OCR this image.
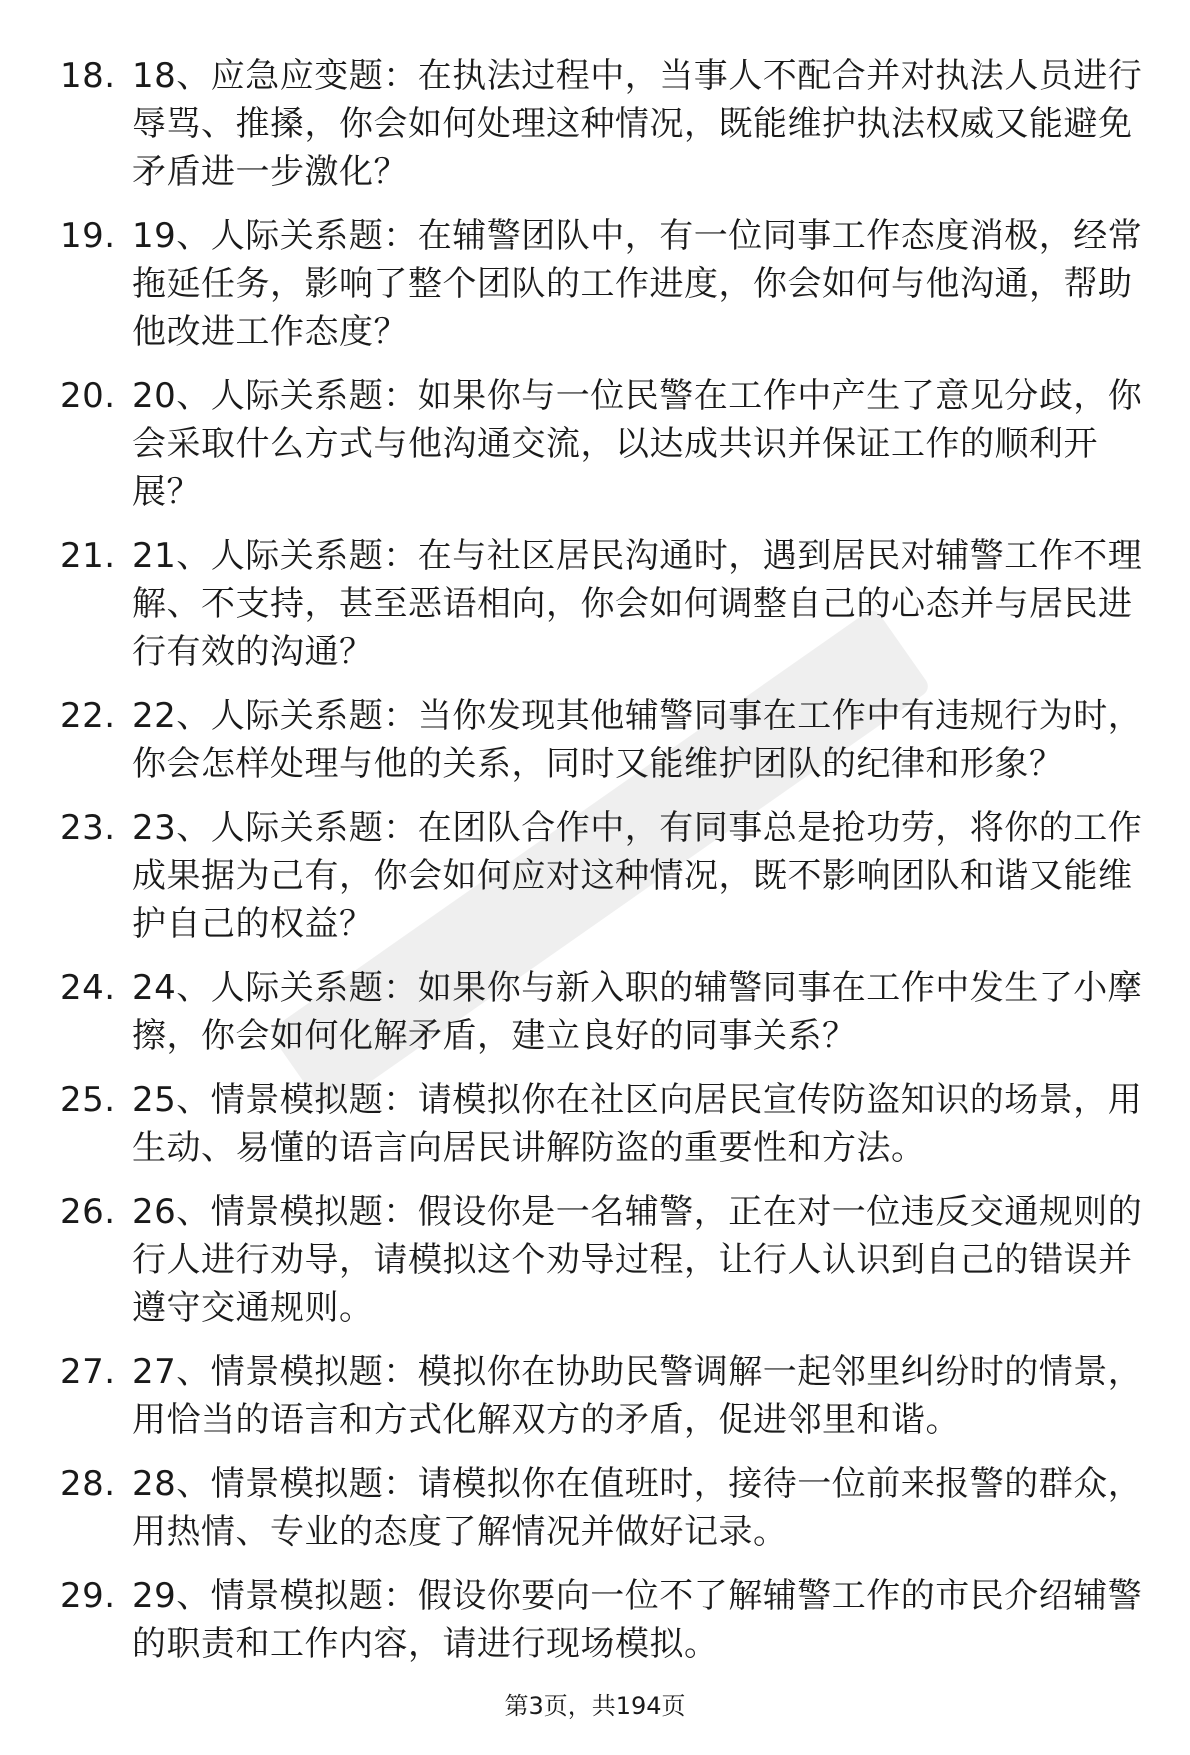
18. 18、应急应变题：在执法过程中，当事人不配合并对执法人员进行辱骂、推搡，你会如何处理这种情况，既能维护执法权威又能避免矛盾进一步激化？
19. 19、人际关系题：在辅警团队中，有一位同事工作态度消极，经常拖延任务，影响了整个团队的工作进度，你会如何与他沟通，帮助他改进工作态度？
20. 20、人际关系题：如果你与一位民警在工作中产生了意见分歧，你会采取什么方式与他沟通交流，以达成共识并保证工作的顺利开展？
21. 21、人际关系题：在与社区居民沟通时，遇到居民对辅警工作不理解、不支持，甚至恶语相向，你会如何调整自己的心态并与居民进行有效的沟通？
22. 22、人际关系题：当你发现其他辅警同事在工作中有违规行为时，你会怎样处理与他的关系，同时又能维护团队的纪律和形象？
23. 23、人际关系题：在团队合作中，有同事总是抢功劳，将你的工作成果据为己有，你会如何应对这种情况，既不影响团队和谐又能维护自己的权益？
24. 24、人际关系题：如果你与新入职的辅警同事在工作中发生了小摩擦，你会如何化解矛盾，建立良好的同事关系？
25. 25、情景模拟题：请模拟你在社区向居民宣传防盗知识的场景，用生动、易懂的语言向居民讲解防盗的重要性和方法。
26. 26、情景模拟题：假设你是一名辅警，正在对一位违反交通规则的行人进行劝导，请模拟这个劝导过程，让行人认识到自己的错误并遵守交通规则。
27. 27、情景模拟题：模拟你在协助民警调解一起邻里纠纷时的情景，用恰当的语言和方式化解双方的矛盾，促进邻里和谐。
28. 28、情景模拟题：请模拟你在值班时，接待一位前来报警的群众，用热情、专业的态度了解情况并做好记录。
29. 29、情景模拟题：假设你要向一位不了解辅警工作的市民介绍辅警的职责和工作内容，请进行现场模拟。
第3页，共194页
